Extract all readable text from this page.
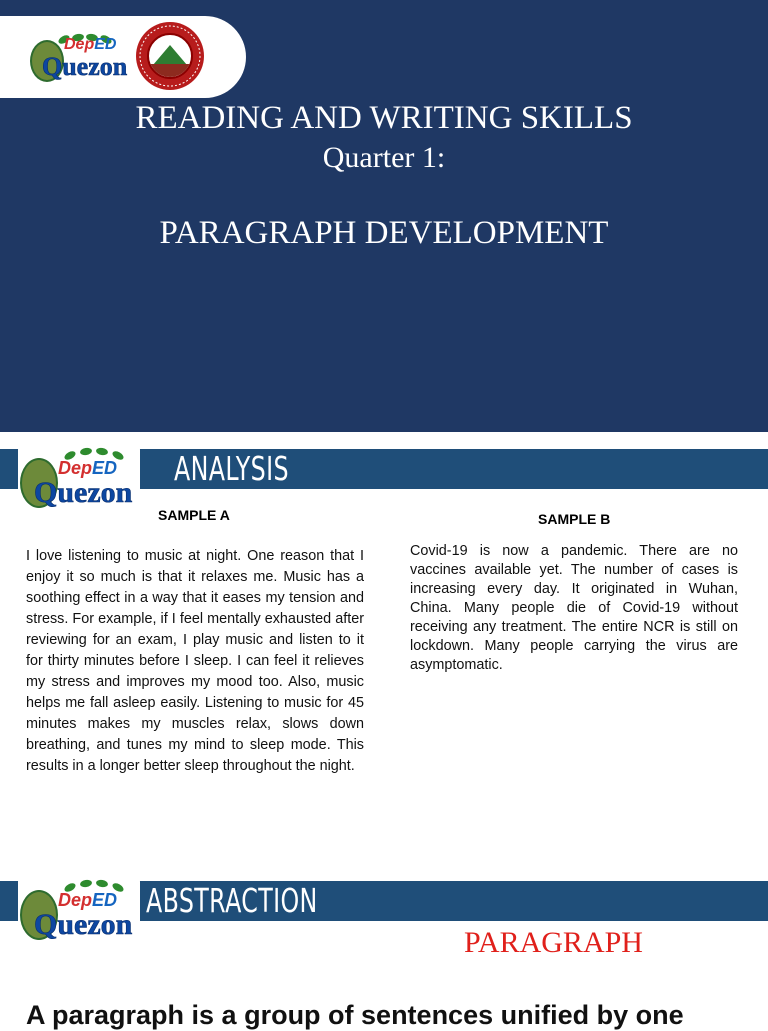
DepED
Quezon
READING AND WRITING SKILLS
Quarter 1:
PARAGRAPH DEVELOPMENT
ANALYSIS
DepED
Quezon
SAMPLE A

I love listening to music at night. One reason that I enjoy it so much is that it relaxes me. Music has a soothing effect in a way that it eases my tension and stress. For example, if I feel mentally exhausted after reviewing for an exam, I play music and listen to it for thirty minutes before I sleep. I can feel it relieves my stress and improves my mood too. Also, music helps me fall asleep easily. Listening to music for 45 minutes makes my muscles relax, slows down breathing, and tunes my mind to sleep mode. This results in a longer better sleep throughout the night.

SAMPLE B

Covid-19 is now a pandemic. There are no vaccines available yet. The number of cases is increasing every day. It originated in Wuhan, China. Many people die of Covid-19 without receiving any treatment. The entire NCR is still on lockdown. Many people carrying the virus are asymptomatic.

ABSTRACTION
DepED
Quezon
PARAGRAPH

A paragraph is a group of sentences unified by one
